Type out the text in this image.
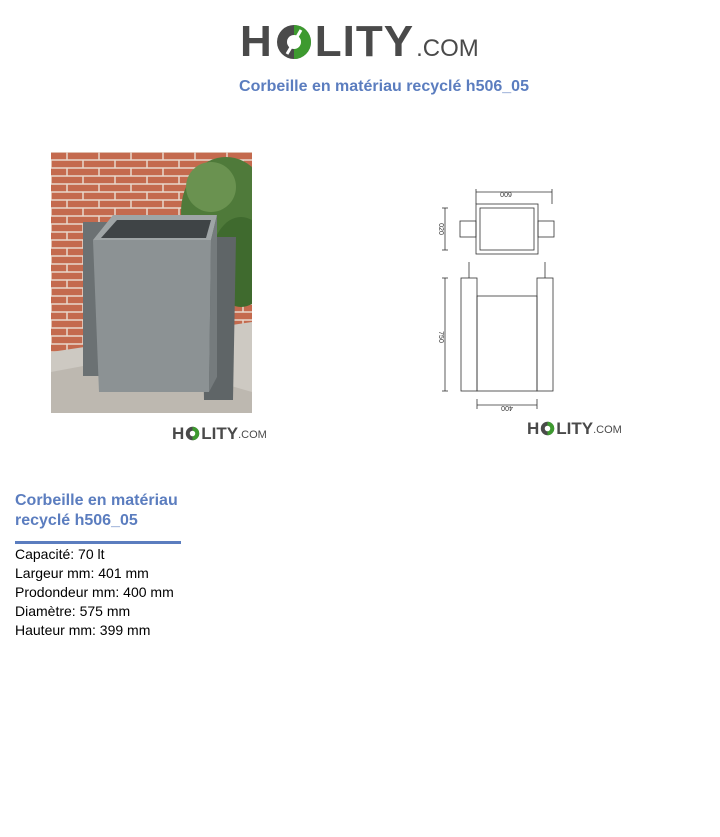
H LITY .COM
Corbeille en matériau recyclé h506_05
H LITY .COM
600
020
750
400
H LITY .COM
Corbeille en matériau recyclé h506_05
Capacité: 70 lt
Largeur mm: 401 mm
Prodondeur mm: 400 mm
Diamètre: 575 mm
Hauteur mm: 399 mm
